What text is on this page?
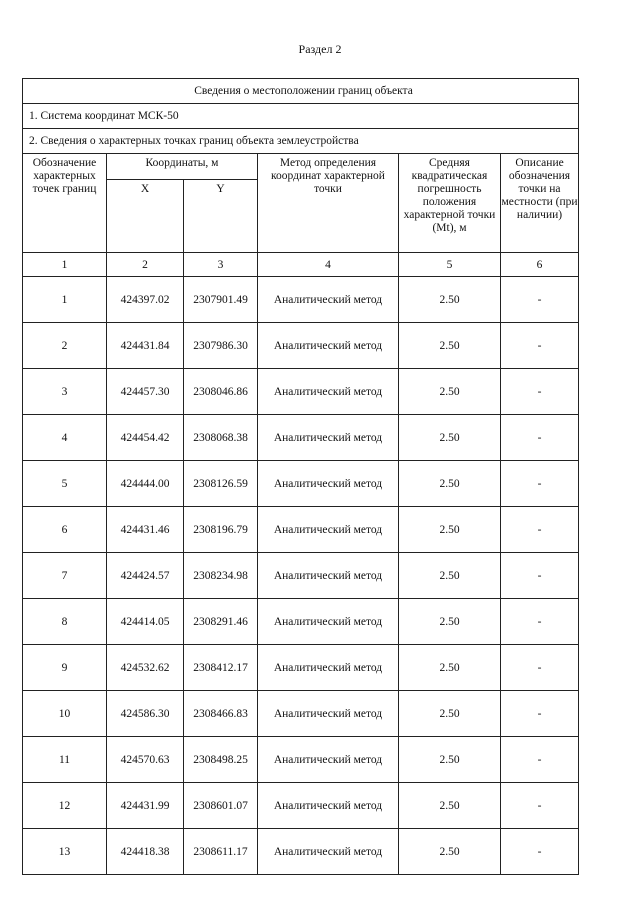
Раздел 2
Сведения о местоположении границ объекта					
1. Система координат МСК-50					
2. Сведения о характерных точках границ объекта землеустройства					
Обозначение характерных точек границ	Координаты, м		Метод определения координат характерной точки	Средняя квадратическая погрешность положения характерной точки (Mt), м	Описание обозначения точки на местности (при наличии)
	X	Y			
1	2	3	4	5	6
1	424397.02	2307901.49	Аналитический метод	2.50	-
2	424431.84	2307986.30	Аналитический метод	2.50	-
3	424457.30	2308046.86	Аналитический метод	2.50	-
4	424454.42	2308068.38	Аналитический метод	2.50	-
5	424444.00	2308126.59	Аналитический метод	2.50	-
6	424431.46	2308196.79	Аналитический метод	2.50	-
7	424424.57	2308234.98	Аналитический метод	2.50	-
8	424414.05	2308291.46	Аналитический метод	2.50	-
9	424532.62	2308412.17	Аналитический метод	2.50	-
10	424586.30	2308466.83	Аналитический метод	2.50	-
11	424570.63	2308498.25	Аналитический метод	2.50	-
12	424431.99	2308601.07	Аналитический метод	2.50	-
13	424418.38	2308611.17	Аналитический метод	2.50	-
